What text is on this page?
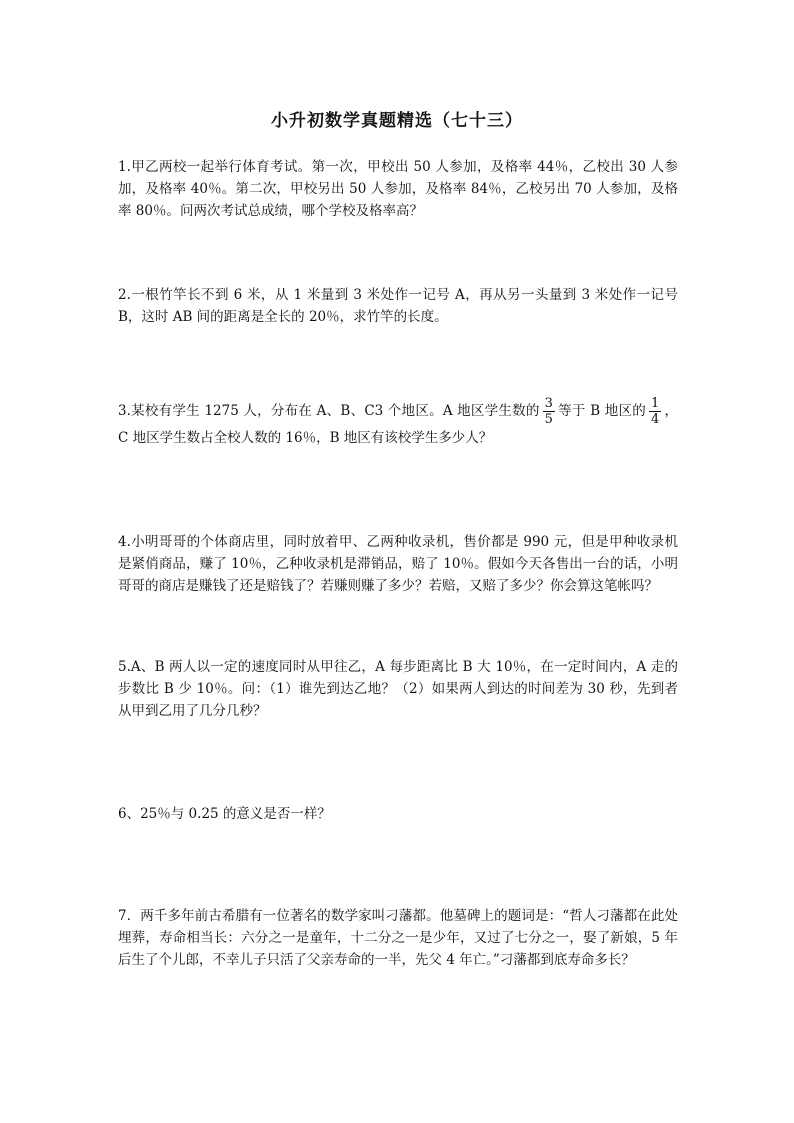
小升初数学真题精选（七十三）
1.甲乙两校一起举行体育考试。第一次，甲校出 50 人参加，及格率 44％，乙校出 30 人参加，及格率 40％。第二次，甲校另出 50 人参加，及格率 84％，乙校另出 70 人参加，及格率 80％。问两次考试总成绩，哪个学校及格率高？
2.一根竹竿长不到 6 米，从 1 米量到 3 米处作一记号 A，再从另一头量到 3 米处作一记号 B，这时 AB 间的距离是全长的 20％，求竹竿的长度。
3.某校有学生 1275 人，分布在 A、B、C3 个地区。A 地区学生数的 $\frac{3}{5}$ 等于 B 地区的 $\frac{1}{4}$ ，C 地区学生数占全校人数的 16％，B 地区有该校学生多少人？
4.小明哥哥的个体商店里，同时放着甲、乙两种收录机，售价都是 990 元，但是甲种收录机是紧俏商品，赚了 10％，乙种收录机是滞销品，赔了 10％。假如今天各售出一台的话，小明哥哥的商店是赚钱了还是赔钱了？若赚则赚了多少？若赔，又赔了多少？你会算这笔帐吗？
5.A、B 两人以一定的速度同时从甲往乙，A 每步距离比 B 大 10％，在一定时间内，A 走的步数比 B 少 10％。问：（1）谁先到达乙地？（2）如果两人到达的时间差为 30 秒，先到者从甲到乙用了几分几秒？
6、25％与 0.25 的意义是否一样？
7．两千多年前古希腊有一位著名的数学家叫刁藩都。他墓碑上的题词是：“哲人刁藩都在此处埋葬，寿命相当长：六分之一是童年，十二分之一是少年，又过了七分之一，娶了新娘，5 年后生了个儿郎，不幸儿子只活了父亲寿命的一半，先父 4 年亡。”刁藩都到底寿命多长？
